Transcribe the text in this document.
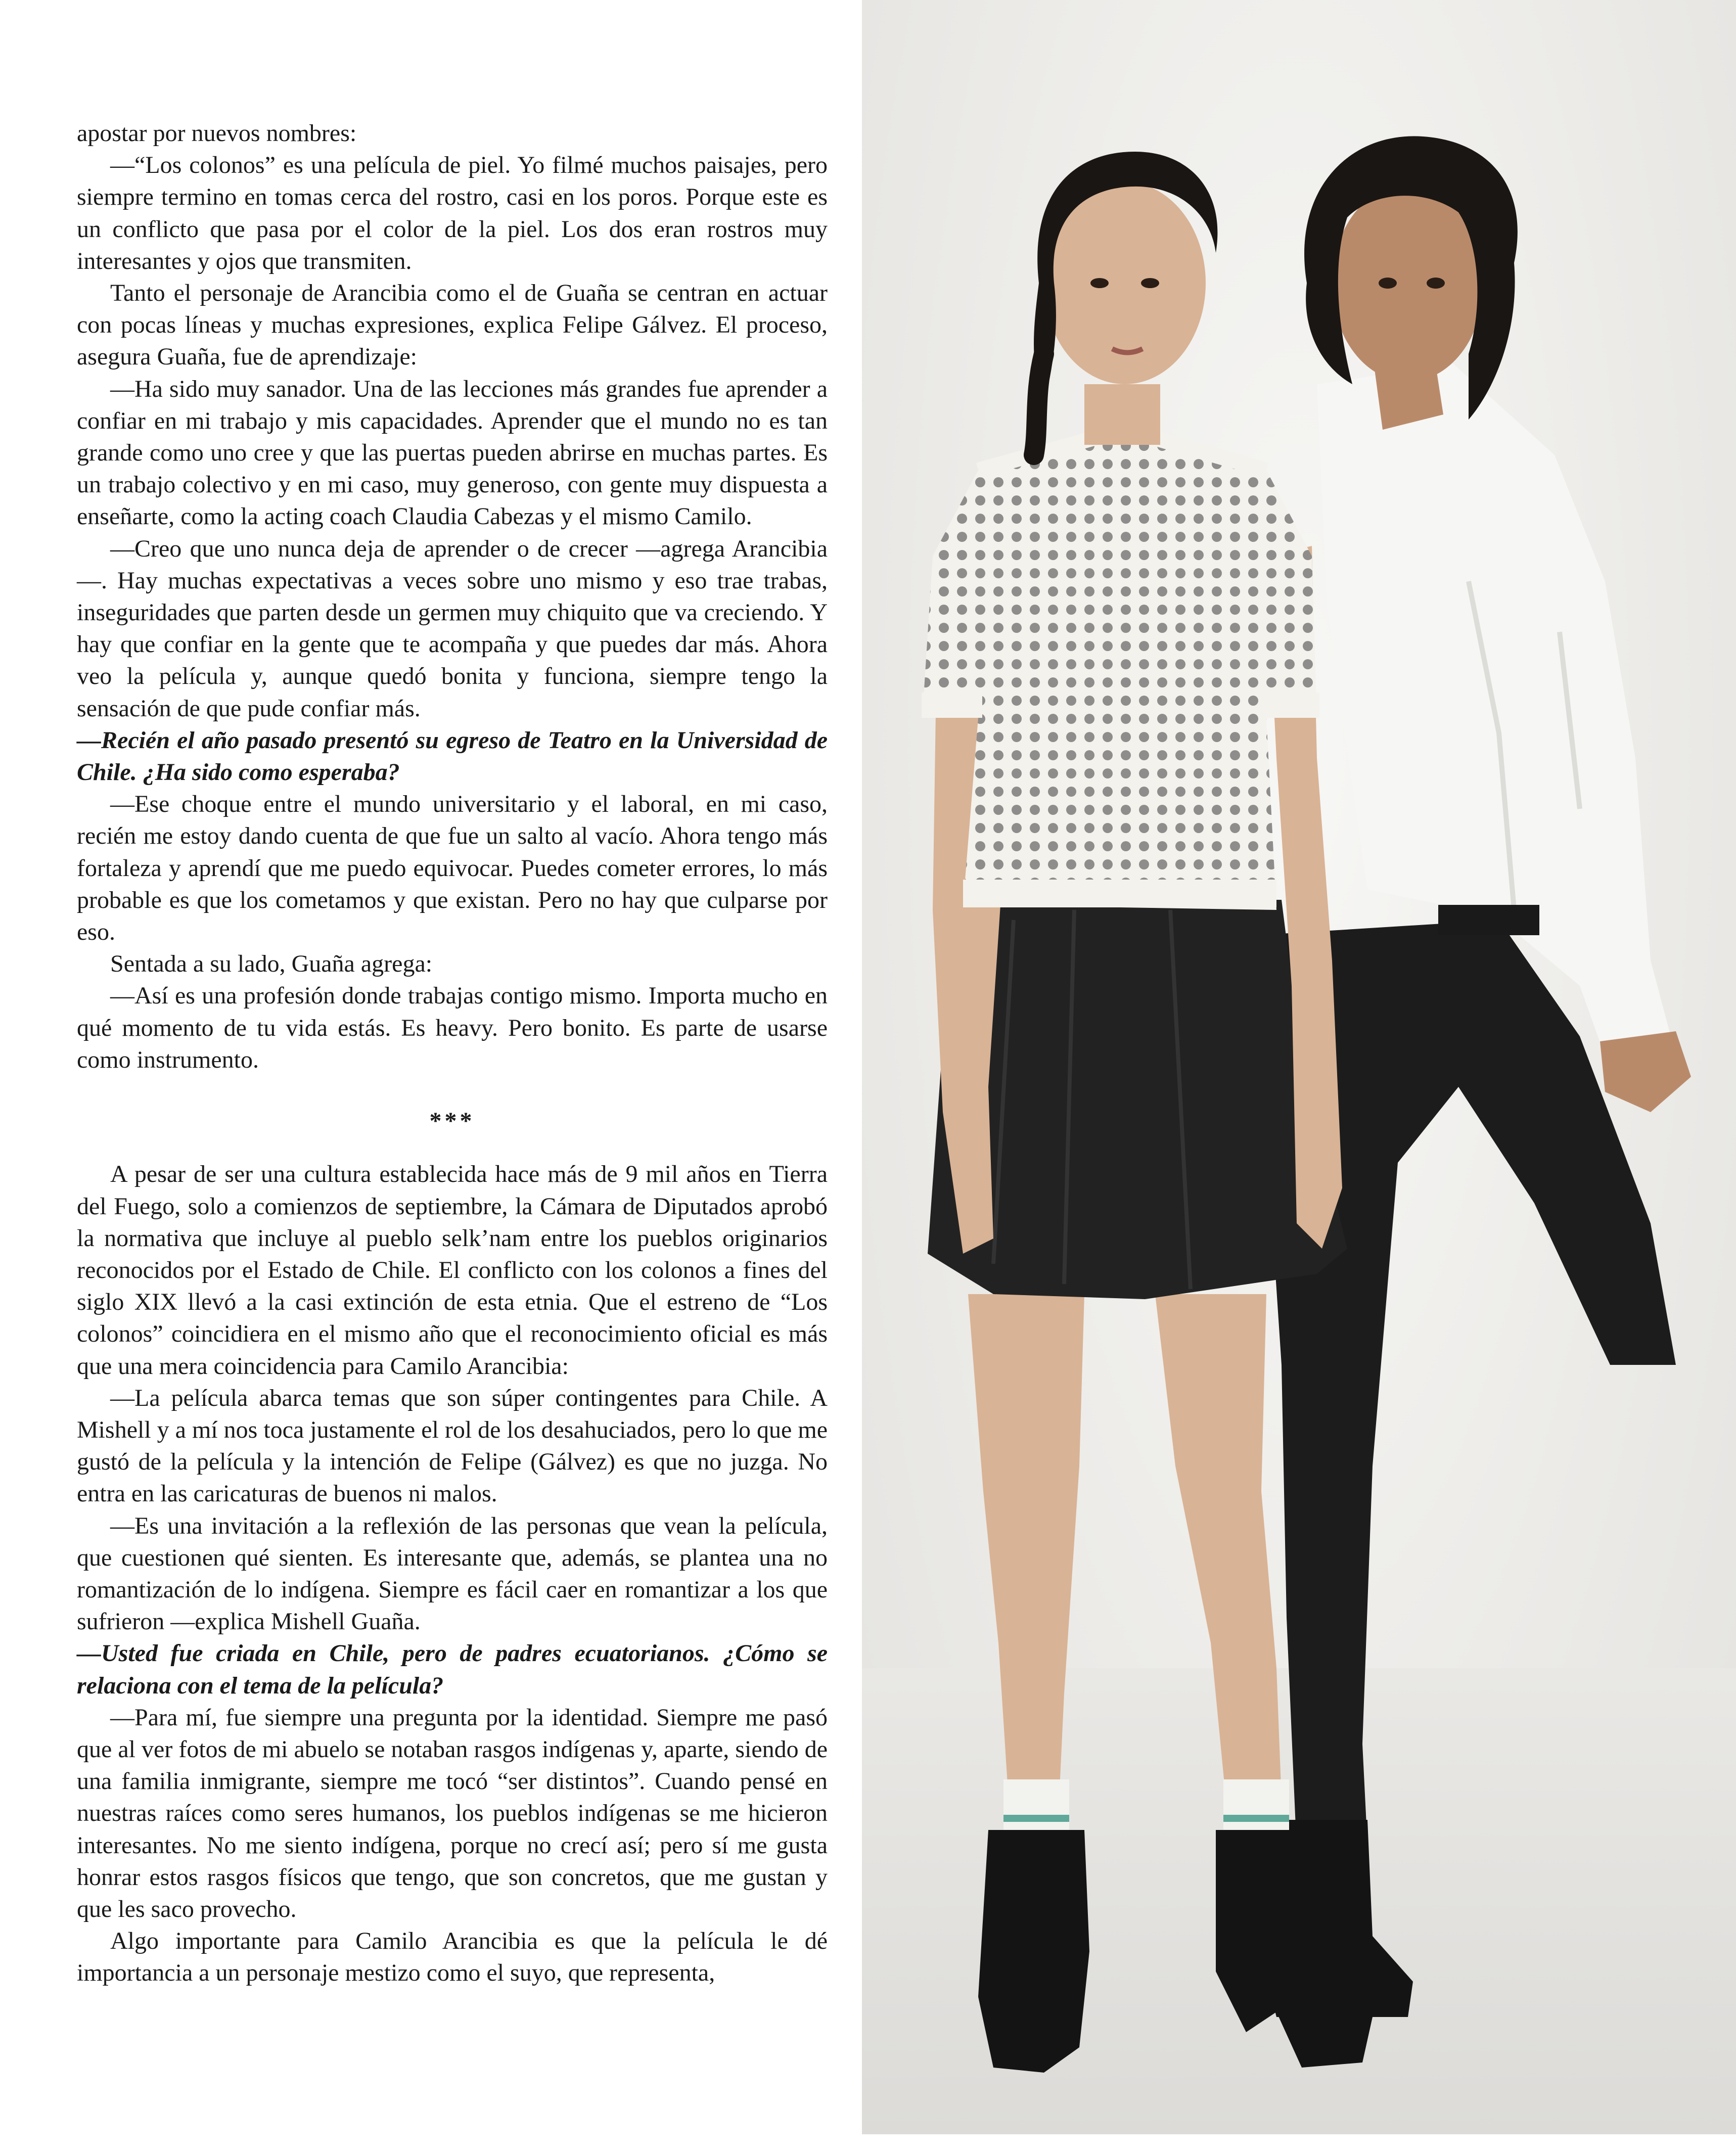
apostar por nuevos nombres:

—“Los colonos” es una película de piel. Yo filmé muchos paisajes, pero siempre termino en tomas cerca del rostro, casi en los poros. Porque este es un conflicto que pasa por el color de la piel. Los dos eran rostros muy interesantes y ojos que transmiten.

Tanto el personaje de Arancibia como el de Guaña se centran en actuar con pocas líneas y muchas expresiones, explica Felipe Gálvez. El proceso, asegura Guaña, fue de aprendizaje:

—Ha sido muy sanador. Una de las lecciones más grandes fue aprender a confiar en mi trabajo y mis capacidades. Aprender que el mundo no es tan grande como uno cree y que las puertas pueden abrirse en muchas partes. Es un trabajo colectivo y en mi caso, muy generoso, con gente muy dispuesta a enseñarte, como la acting coach Claudia Cabezas y el mismo Camilo.

—Creo que uno nunca deja de aprender o de crecer —agrega Arancibia—. Hay muchas expectativas a veces sobre uno mismo y eso trae trabas, inseguridades que parten desde un germen muy chiquito que va creciendo. Y hay que confiar en la gente que te acompaña y que puedes dar más. Ahora veo la película y, aunque quedó bonita y funciona, siempre tengo la sensación de que pude confiar más.

—Recién el año pasado presentó su egreso de Teatro en la Universidad de Chile. ¿Ha sido como esperaba?

—Ese choque entre el mundo universitario y el laboral, en mi caso, recién me estoy dando cuenta de que fue un salto al vacío. Ahora tengo más fortaleza y aprendí que me puedo equivocar. Puedes cometer errores, lo más probable es que los cometamos y que existan. Pero no hay que culparse por eso.

Sentada a su lado, Guaña agrega:

—Así es una profesión donde trabajas contigo mismo. Importa mucho en qué momento de tu vida estás. Es heavy. Pero bonito. Es parte de usarse como instrumento.

***

A pesar de ser una cultura establecida hace más de 9 mil años en Tierra del Fuego, solo a comienzos de septiembre, la Cámara de Diputados aprobó la normativa que incluye al pueblo selk’nam entre los pueblos originarios reconocidos por el Estado de Chile. El conflicto con los colonos a fines del siglo XIX llevó a la casi extinción de esta etnia. Que el estreno de “Los colonos” coincidiera en el mismo año que el reconocimiento oficial es más que una mera coincidencia para Camilo Arancibia:

—La película abarca temas que son súper contingentes para Chile. A Mishell y a mí nos toca justamente el rol de los desahuciados, pero lo que me gustó de la película y la intención de Felipe (Gálvez) es que no juzga. No entra en las caricaturas de buenos ni malos.

—Es una invitación a la reflexión de las personas que vean la película, que cuestionen qué sienten. Es interesante que, además, se plantea una no romantización de lo indígena. Siempre es fácil caer en romantizar a los que sufrieron —explica Mishell Guaña.

—Usted fue criada en Chile, pero de padres ecuatorianos. ¿Cómo se relaciona con el tema de la película?

—Para mí, fue siempre una pregunta por la identidad. Siempre me pasó que al ver fotos de mi abuelo se notaban rasgos indígenas y, aparte, siendo de una familia inmigrante, siempre me tocó “ser distintos”. Cuando pensé en nuestras raíces como seres humanos, los pueblos indígenas se me hicieron interesantes. No me siento indígena, porque no crecí así; pero sí me gusta honrar estos rasgos físicos que tengo, que son concretos, que me gustan y que les saco provecho.

Algo importante para Camilo Arancibia es que la película le dé importancia a un personaje mestizo como el suyo, que representa,
